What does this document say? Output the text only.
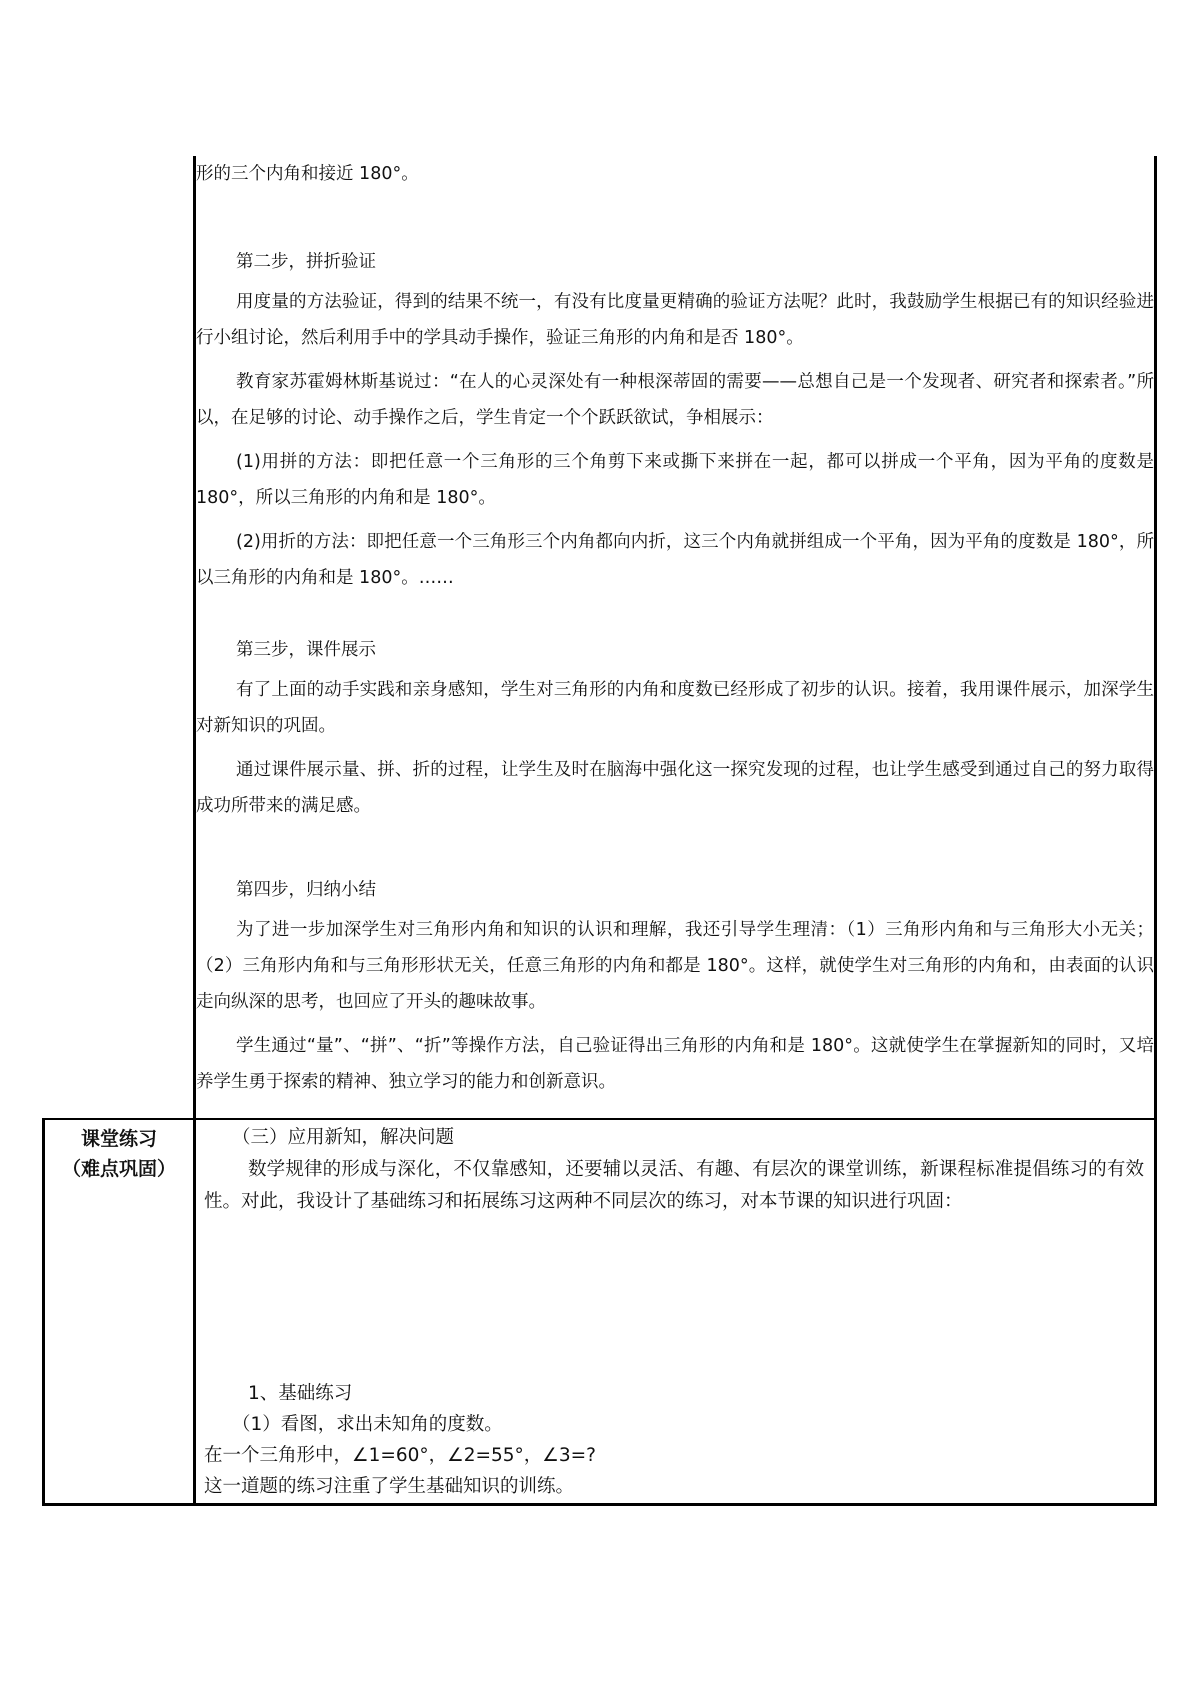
形的三个内角和接近 180°。

第二步，拼折验证

用度量的方法验证，得到的结果不统一，有没有比度量更精确的验证方法呢？此时，我鼓励学生根据已有的知识经验进行小组讨论，然后利用手中的学具动手操作，验证三角形的内角和是否 180°。

教育家苏霍姆林斯基说过：“在人的心灵深处有一种根深蒂固的需要——总想自己是一个发现者、研究者和探索者。”所以，在足够的讨论、动手操作之后，学生肯定一个个跃跃欲试，争相展示：

(1)用拼的方法：即把任意一个三角形的三个角剪下来或撕下来拼在一起，都可以拼成一个平角，因为平角的度数是 180°，所以三角形的内角和是 180°。

(2)用折的方法：即把任意一个三角形三个内角都向内折，这三个内角就拼组成一个平角，因为平角的度数是 180°，所以三角形的内角和是 180°。……

第三步，课件展示

有了上面的动手实践和亲身感知，学生对三角形的内角和度数已经形成了初步的认识。接着，我用课件展示，加深学生对新知识的巩固。

通过课件展示量、拼、折的过程，让学生及时在脑海中强化这一探究发现的过程，也让学生感受到通过自己的努力取得成功所带来的满足感。

第四步，归纳小结

为了进一步加深学生对三角形内角和知识的认识和理解，我还引导学生理清：（1）三角形内角和与三角形大小无关；（2）三角形内角和与三角形形状无关，任意三角形的内角和都是 180°。这样，就使学生对三角形的内角和，由表面的认识走向纵深的思考，也回应了开头的趣味故事。

学生通过“量”、“拼”、“折”等操作方法，自己验证得出三角形的内角和是 180°。这就使学生在掌握新知的同时，又培养学生勇于探索的精神、独立学习的能力和创新意识。

课堂练习

（难点巩固）

（三）应用新知，解决问题

数学规律的形成与深化，不仅靠感知，还要辅以灵活、有趣、有层次的课堂训练，新课程标准提倡练习的有效性。对此，我设计了基础练习和拓展练习这两种不同层次的练习，对本节课的知识进行巩固：

1、基础练习

（1）看图，求出未知角的度数。

在一个三角形中，∠1=60°，∠2=55°，∠3=?

这一道题的练习注重了学生基础知识的训练。
